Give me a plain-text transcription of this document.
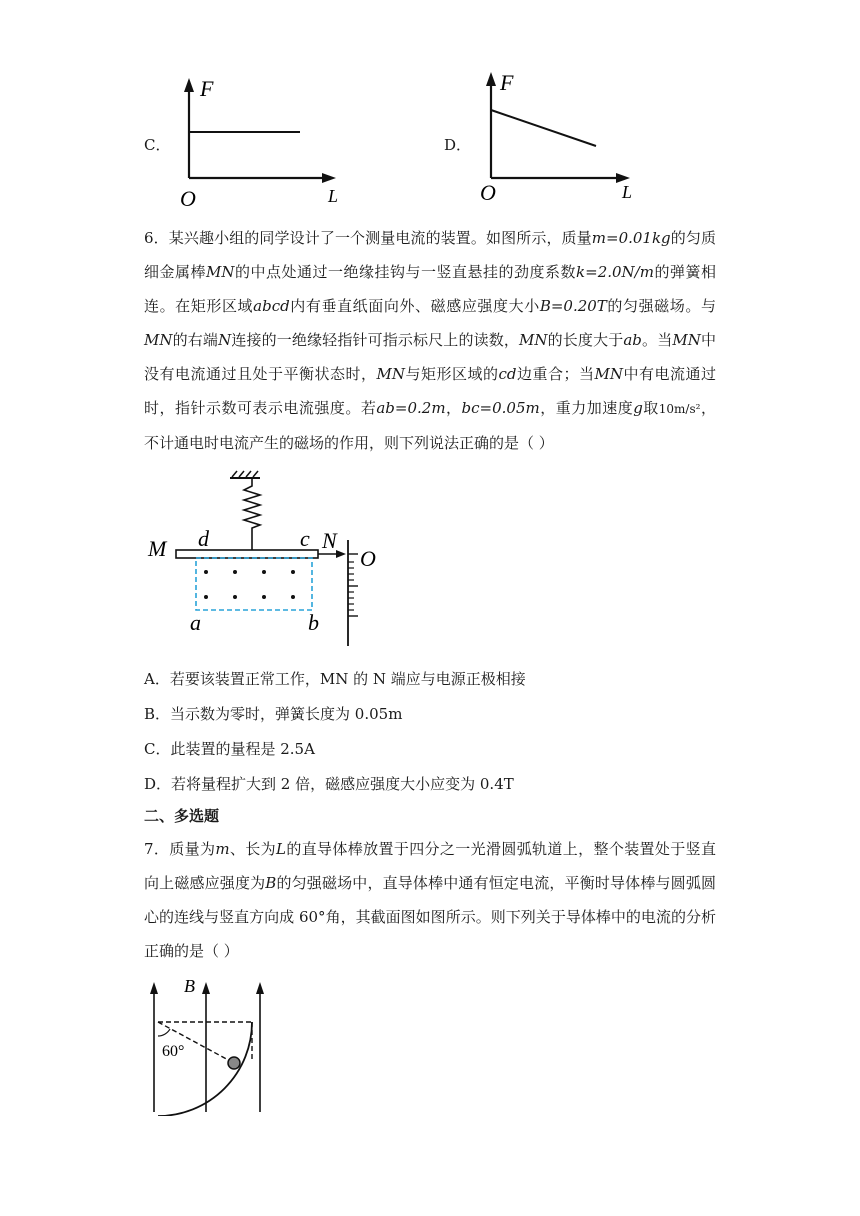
C．
F
O	L
D．
F
O	L
6．某兴趣小组的同学设计了一个测量电流的装置。如图所示，质量m=0.01kg的匀质细金属棒MN的中点处通过一绝缘挂钩与一竖直悬挂的劲度系数k=2.0N/m的弹簧相连。在矩形区域abcd内有垂直纸面向外、磁感应强度大小B=0.20T的匀强磁场。与MN的右端N连接的一绝缘轻指针可指示标尺上的读数，MN的长度大于ab。当MN中没有电流通过且处于平衡状态时，MN与矩形区域的cd边重合；当MN中有电流通过时，指针示数可表示电流强度。若ab=0.2m，bc=0.05m，重力加速度g取10m/s²，不计通电时电流产生的磁场的作用，则下列说法正确的是（ ）
M d	c N
O
a	b
A．若要该装置正常工作，MN 的 N 端应与电源正极相接
B．当示数为零时，弹簧长度为 0.05m
C．此装置的量程是 2.5A
D．若将量程扩大到 2 倍，磁感应强度大小应变为 0.4T
二、多选题
7．质量为m、长为L的直导体棒放置于四分之一光滑圆弧轨道上，整个装置处于竖直向上磁感应强度为B的匀强磁场中，直导体棒中通有恒定电流，平衡时导体棒与圆弧圆心的连线与竖直方向成 60°角，其截面图如图所示。则下列关于导体棒中的电流的分析正确的是（ ）
B
60°
